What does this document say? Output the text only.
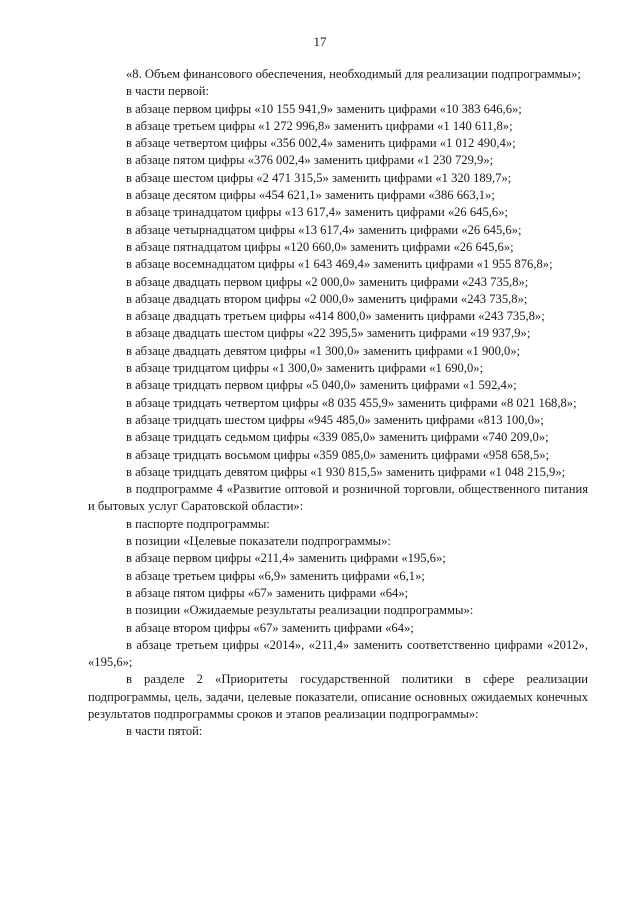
17

«8. Объем финансового обеспечения, необходимый для реализации подпрограммы»;

в части первой:

в абзаце первом цифры «10 155 941,9» заменить цифрами «10 383 646,6»;

в абзаце третьем цифры «1 272 996,8» заменить цифрами «1 140 611,8»;

в абзаце четвертом цифры «356 002,4» заменить цифрами «1 012 490,4»;

в абзаце пятом цифры «376 002,4» заменить цифрами «1 230 729,9»;

в абзаце шестом цифры «2 471 315,5» заменить цифрами «1 320 189,7»;

в абзаце десятом цифры «454 621,1» заменить цифрами «386 663,1»;

в абзаце тринадцатом цифры «13 617,4» заменить цифрами «26 645,6»;

в абзаце четырнадцатом цифры «13 617,4» заменить цифрами «26 645,6»;

в абзаце пятнадцатом цифры «120 660,0» заменить цифрами «26 645,6»;

в абзаце восемнадцатом цифры «1 643 469,4» заменить цифрами «1 955 876,8»;

в абзаце двадцать первом цифры «2 000,0» заменить цифрами «243 735,8»;

в абзаце двадцать втором цифры «2 000,0» заменить цифрами «243 735,8»;

в абзаце двадцать третьем цифры «414 800,0» заменить цифрами «243 735,8»;

в абзаце двадцать шестом цифры «22 395,5» заменить цифрами «19 937,9»;

в абзаце двадцать девятом цифры «1 300,0» заменить цифрами «1 900,0»;

в абзаце тридцатом цифры «1 300,0» заменить цифрами «1 690,0»;

в абзаце тридцать первом цифры «5 040,0» заменить цифрами «1 592,4»;

в абзаце тридцать четвертом цифры «8 035 455,9» заменить цифрами «8 021 168,8»;

в абзаце тридцать шестом цифры «945 485,0» заменить цифрами «813 100,0»;

в абзаце тридцать седьмом цифры «339 085,0» заменить цифрами «740 209,0»;

в абзаце тридцать восьмом цифры «359 085,0» заменить цифрами «958 658,5»;

в абзаце тридцать девятом цифры «1 930 815,5» заменить цифрами «1 048 215,9»;

в подпрограмме 4 «Развитие оптовой и розничной торговли, общественного питания и бытовых услуг Саратовской области»:

в паспорте подпрограммы:

в позиции «Целевые показатели подпрограммы»:

в абзаце первом цифры «211,4» заменить цифрами «195,6»;

в абзаце третьем цифры «6,9» заменить цифрами «6,1»;

в абзаце пятом цифры «67» заменить цифрами «64»;

в позиции «Ожидаемые результаты реализации подпрограммы»:

в абзаце втором цифры «67» заменить цифрами «64»;

в абзаце третьем цифры «2014», «211,4» заменить соответственно цифрами «2012», «195,6»;

в разделе 2 «Приоритеты государственной политики в сфере реализации подпрограммы, цель, задачи, целевые показатели, описание основных ожидаемых конечных результатов подпрограммы сроков и этапов реализации подпрограммы»:

в части пятой:
